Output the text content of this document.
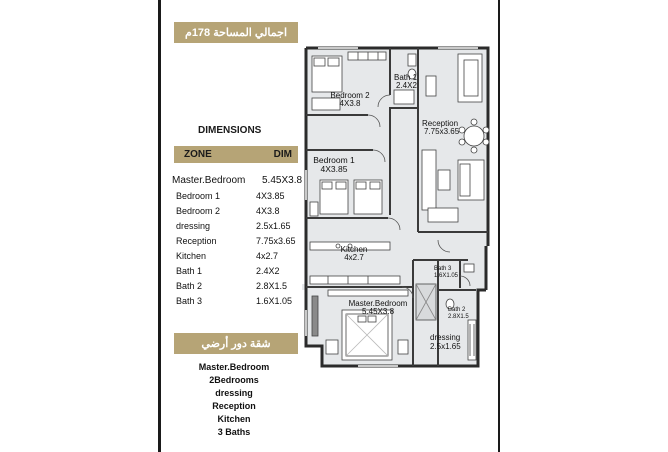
اجمالي المساحة 178م
DIMENSIONS
ZONE	DIM
Master.Bedroom 5.45X3.8
Bedroom 1	4X3.85
Bedroom 2	4X3.8
dressing	2.5x1.65
Reception	7.75x3.65
Kitchen	4x2.7
Bath 1	2.4X2
Bath 2	2.8X1.5
Bath 3	1.6X1.05
شقة دور أرضي
Master.Bedroom
2Bedrooms
dressing
Reception
Kitchen
3 Baths
Bedroom 2
4X3.8
Bath 1
2.4X2
Reception
7.75x3.65
Bedroom 1
4X3.85
Kitchen
4x2.7
Bath 3
1.6X1.05
Master.Bedroom
5.45X3.8	Bath 2
2.8X1.5
dressing
2.5x1.65
